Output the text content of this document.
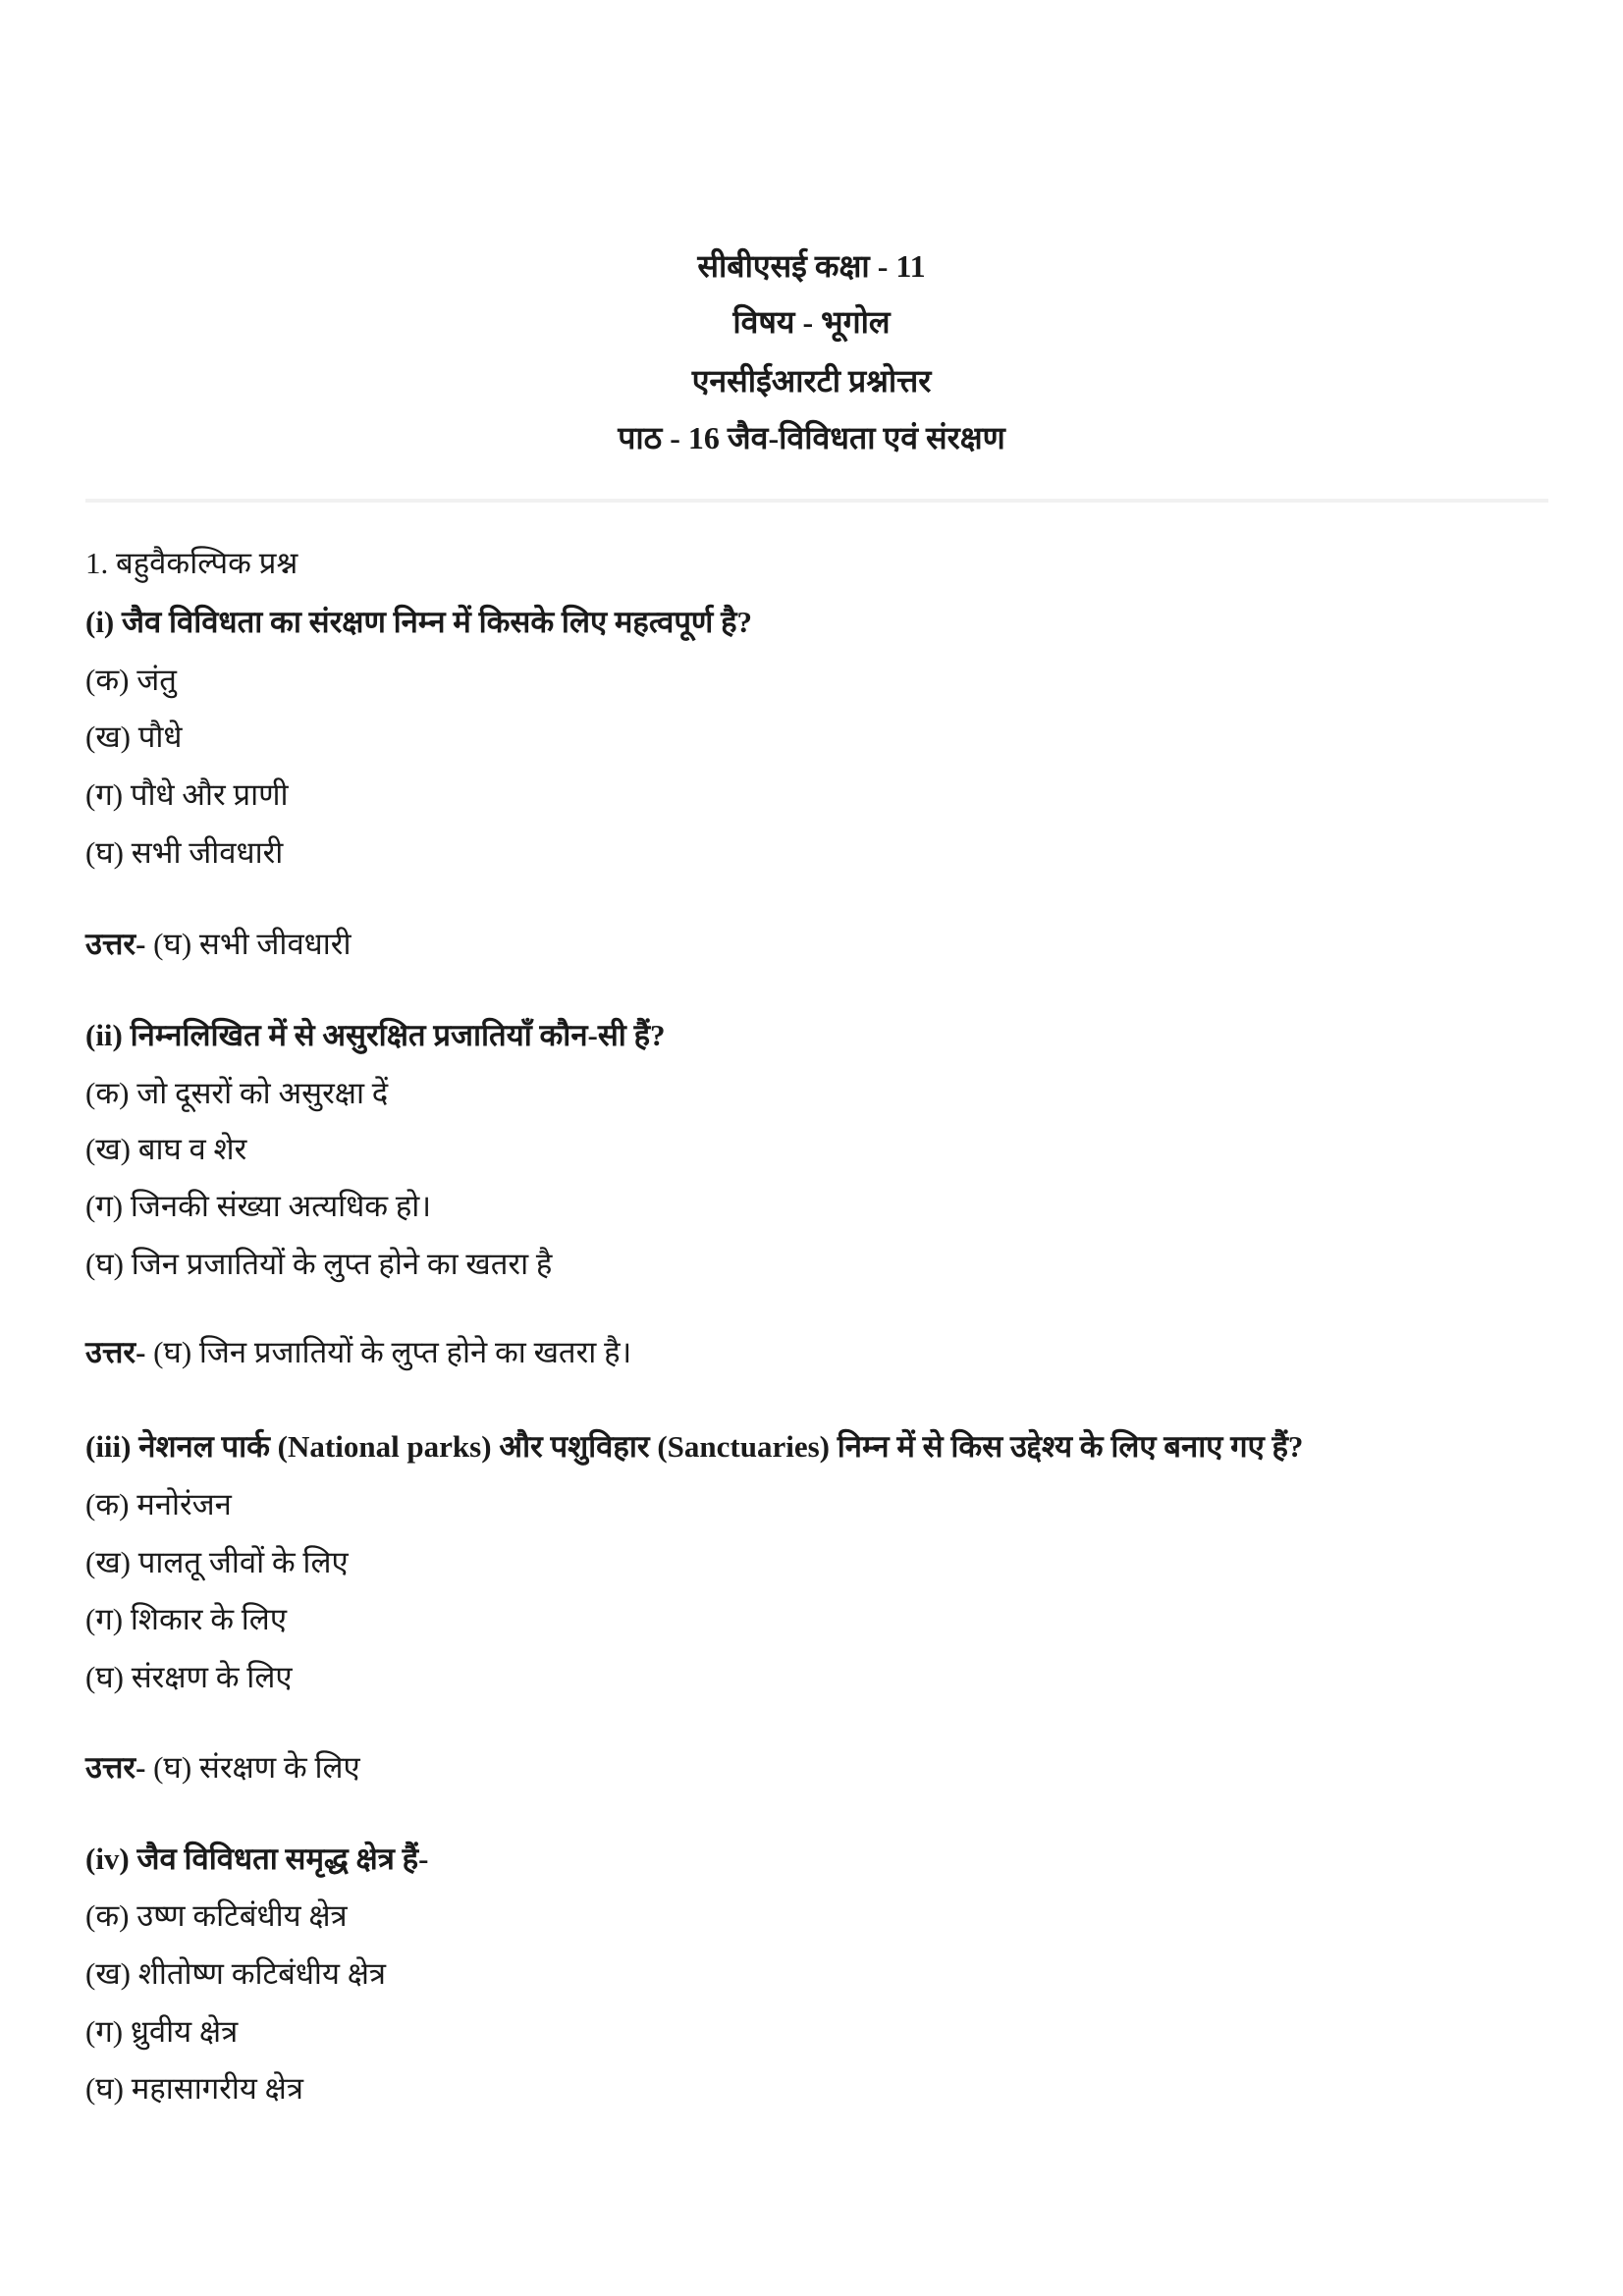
सीबीएसई कक्षा - 11
विषय - भूगोल
एनसीईआरटी प्रश्नोत्तर
पाठ - 16 जैव-विविधता एवं संरक्षण
1. बहुवैकल्पिक प्रश्न
(i) जैव विविधता का संरक्षण निम्न में किसके लिए महत्वपूर्ण है?
(क) जंतु
(ख) पौधे
(ग) पौधे और प्राणी
(घ) सभी जीवधारी
उत्तर- (घ) सभी जीवधारी
(ii) निम्नलिखित में से असुरक्षित प्रजातियाँ कौन-सी हैं?
(क) जो दूसरों को असुरक्षा दें
(ख) बाघ व शेर
(ग) जिनकी संख्या अत्यधिक हो।
(घ) जिन प्रजातियों के लुप्त होने का खतरा है
उत्तर- (घ) जिन प्रजातियों के लुप्त होने का खतरा है।
(iii) नेशनल पार्क (National parks) और पशुविहार (Sanctuaries) निम्न में से किस उद्देश्य के लिए बनाए गए हैं?
(क) मनोरंजन
(ख) पालतू जीवों के लिए
(ग) शिकार के लिए
(घ) संरक्षण के लिए
उत्तर- (घ) संरक्षण के लिए
(iv) जैव विविधता समृद्ध क्षेत्र हैं-
(क) उष्ण कटिबंधीय क्षेत्र
(ख) शीतोष्ण कटिबंधीय क्षेत्र
(ग) ध्रुवीय क्षेत्र
(घ) महासागरीय क्षेत्र
